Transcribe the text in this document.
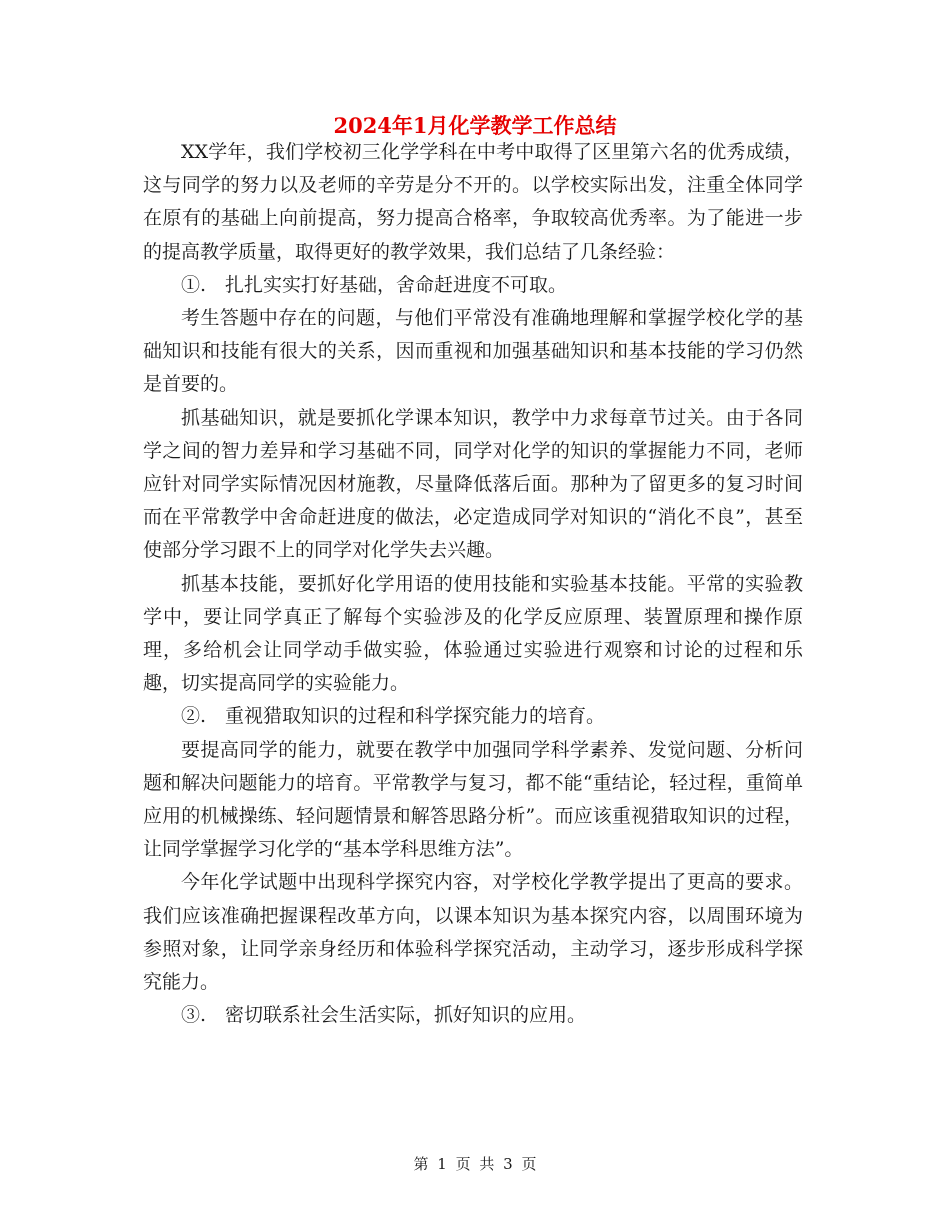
2024年1月化学教学工作总结

XX学年，我们学校初三化学学科在中考中取得了区里第六名的优秀成绩，这与同学的努力以及老师的辛劳是分不开的。以学校实际出发，注重全体同学在原有的基础上向前提高，努力提高合格率，争取较高优秀率。为了能进一步的提高教学质量，取得更好的教学效果，我们总结了几条经验：

①.　扎扎实实打好基础，舍命赶进度不可取。

考生答题中存在的问题，与他们平常没有准确地理解和掌握学校化学的基础知识和技能有很大的关系，因而重视和加强基础知识和基本技能的学习仍然是首要的。

抓基础知识，就是要抓化学课本知识，教学中力求每章节过关。由于各同学之间的智力差异和学习基础不同，同学对化学的知识的掌握能力不同，老师应针对同学实际情况因材施教，尽量降低落后面。那种为了留更多的复习时间而在平常教学中舍命赶进度的做法，必定造成同学对知识的“消化不良”，甚至使部分学习跟不上的同学对化学失去兴趣。

抓基本技能，要抓好化学用语的使用技能和实验基本技能。平常的实验教学中，要让同学真正了解每个实验涉及的化学反应原理、装置原理和操作原理，多给机会让同学动手做实验，体验通过实验进行观察和讨论的过程和乐趣，切实提高同学的实验能力。

②.　重视猎取知识的过程和科学探究能力的培育。

要提高同学的能力，就要在教学中加强同学科学素养、发觉问题、分析问题和解决问题能力的培育。平常教学与复习，都不能“重结论，轻过程，重简单应用的机械操练、轻问题情景和解答思路分析”。而应该重视猎取知识的过程，让同学掌握学习化学的“基本学科思维方法”。

今年化学试题中出现科学探究内容，对学校化学教学提出了更高的要求。我们应该准确把握课程改革方向，以课本知识为基本探究内容，以周围环境为参照对象，让同学亲身经历和体验科学探究活动，主动学习，逐步形成科学探究能力。

③.　密切联系社会生活实际，抓好知识的应用。

第 1 页 共 3 页
